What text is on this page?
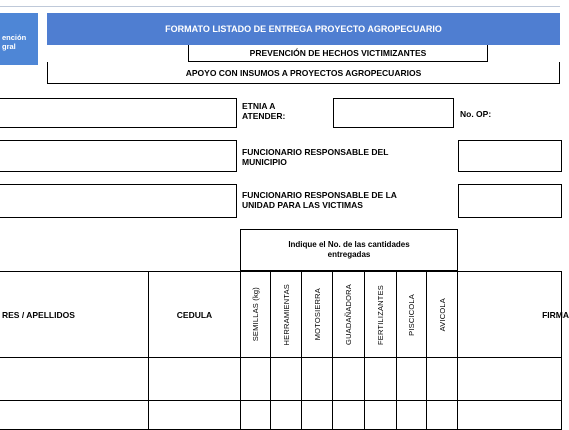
ención
gral
FORMATO LISTADO DE ENTREGA PROYECTO AGROPECUARIO
PREVENCIÓN DE HECHOS VICTIMIZANTES
APOYO CON INSUMOS A PROYECTOS AGROPECUARIOS
ETNIA A
ATENDER:	No. OP:
FUNCIONARIO RESPONSABLE DEL
MUNICIPIO
FUNCIONARIO RESPONSABLE DE LA
UNIDAD PARA LAS VICTIMAS
Indique el No. de las cantidades
entregadas
RES / APELLIDOS	CEDULA	SEMILLAS (kg)	HERRAMIENTAS	MOTOSIERRA	GUADAÑADORA	FERTILIZANTES	PISCICOLA	AVICOLA	FIRMA
